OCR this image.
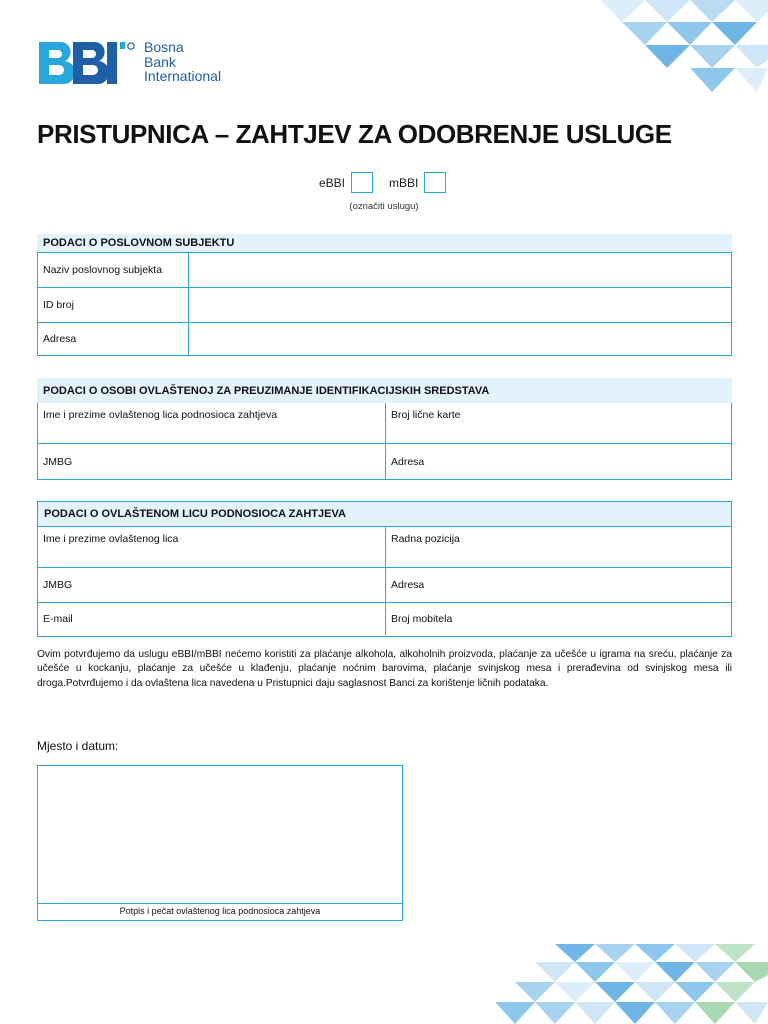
Bosna
Bank
International
PRISTUPNICA – ZAHTJEV ZA ODOBRENJE USLUGE
eBBI	mBBI
(označiti uslugu)
PODACI O POSLOVNOM SUBJEKTU
Naziv poslovnog subjekta
ID broj
Adresa
PODACI O OSOBI OVLAŠTENOJ ZA PREUZIMANJE IDENTIFIKACIJSKIH SREDSTAVA
Ime i prezime ovlaštenog lica podnosioca zahtjeva	Broj lične karte
JMBG	Adresa
PODACI O OVLAŠTENOM LICU PODNOSIOCA ZAHTJEVA
Ime i prezime ovlaštenog lica	Radna pozicija
JMBG	Adresa
E-mail	Broj mobitela
Ovim potvrđujemo da uslugu eBBI/mBBI nećemo koristiti za plaćanje alkohola, alkoholnih proizvoda, plaćanje za učešće u igrama na sreću, plaćanje za učešće u kockanju, plaćanje za učešće u klađenju, plaćanje noćnim barovima, plaćanje svinjskog mesa i prerađevina od svinjskog mesa ili droga.Potvrđujemo i da ovlaštena lica navedena u Pristupnici daju saglasnost Banci za korištenje ličnih podataka.
Mjesto i datum:
Potpis i pečat ovlaštenog lica podnosioca zahtjeva
